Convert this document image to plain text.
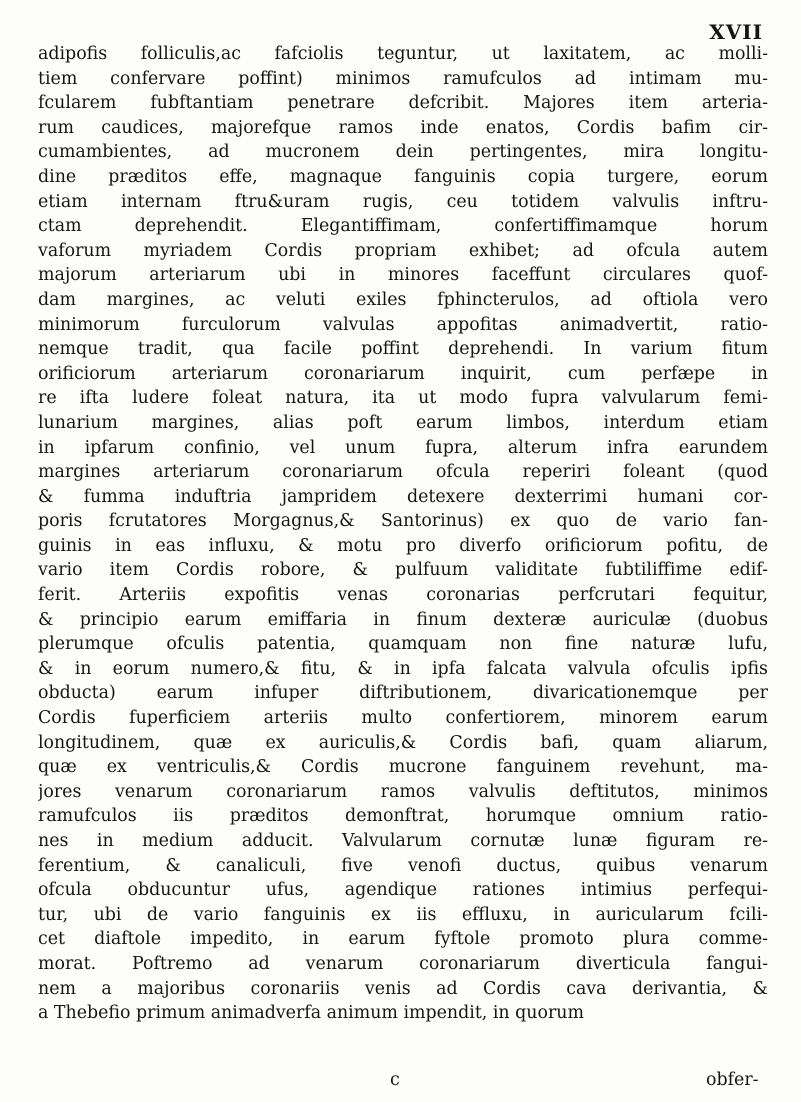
XVII
adipofis folliculis,ac fafciolis teguntur, ut laxitatem, ac molli-
tiem confervare poffint) minimos ramufculos ad intimam mu-
fcularem fubftantiam penetrare defcribit. Majores item arteria-
rum caudices, majorefque ramos inde enatos, Cordis bafim cir-
cumambientes, ad mucronem dein pertingentes, mira longitu-
dine præditos effe, magnaque fanguinis copia turgere, eorum
etiam internam ftru&uram rugis, ceu totidem valvulis inftru-
ctam deprehendit. Elegantiffimam, confertiffimamque horum
vaforum myriadem Cordis propriam exhibet; ad ofcula autem
majorum arteriarum ubi in minores faceffunt circulares quof-
dam margines, ac veluti exiles fphincterulos, ad oftiola vero
minimorum furculorum valvulas appofitas animadvertit, ratio-
nemque tradit, qua facile poffint deprehendi. In varium fitum
orificiorum arteriarum coronariarum inquirit, cum perfæpe in
re ifta ludere foleat natura, ita ut modo fupra valvularum femi-
lunarium margines, alias poft earum limbos, interdum etiam
in ipfarum confinio, vel unum fupra, alterum infra earundem
margines arteriarum coronariarum ofcula reperiri foleant (quod
& fumma induftria jampridem detexere dexterrimi humani cor-
poris fcrutatores Morgagnus,& Santorinus) ex quo de vario fan-
guinis in eas influxu, & motu pro diverfo orificiorum pofitu, de
vario item Cordis robore, & pulfuum validitate fubtiliffime edif-
ferit. Arteriis expofitis venas coronarias perfcrutari fequitur,
& principio earum emiffaria in finum dexteræ auriculæ (duobus
plerumque ofculis patentia, quamquam non fine naturæ lufu,
& in eorum numero,& fitu, & in ipfa falcata valvula ofculis ipfis
obducta) earum infuper diftributionem, divaricationemque per
Cordis fuperficiem arteriis multo confertiorem, minorem earum
longitudinem, quæ ex auriculis,& Cordis bafi, quam aliarum,
quæ ex ventriculis,& Cordis mucrone fanguinem revehunt, ma-
jores venarum coronariarum ramos valvulis deftitutos, minimos
ramufculos iis præditos demonftrat, horumque omnium ratio-
nes in medium adducit. Valvularum cornutæ lunæ figuram re-
ferentium, & canaliculi, five venofi ductus, quibus venarum
ofcula obducuntur ufus, agendique rationes intimius perfequi-
tur, ubi de vario fanguinis ex iis effluxu, in auricularum fcili-
cet diaftole impedito, in earum fyftole promoto plura comme-
morat. Poftremo ad venarum coronariarum diverticula fangui-
nem a majoribus coronariis venis ad Cordis cava derivantia, &
a Thebefio primum animadverfa animum impendit, in quorum
c	obfer-
